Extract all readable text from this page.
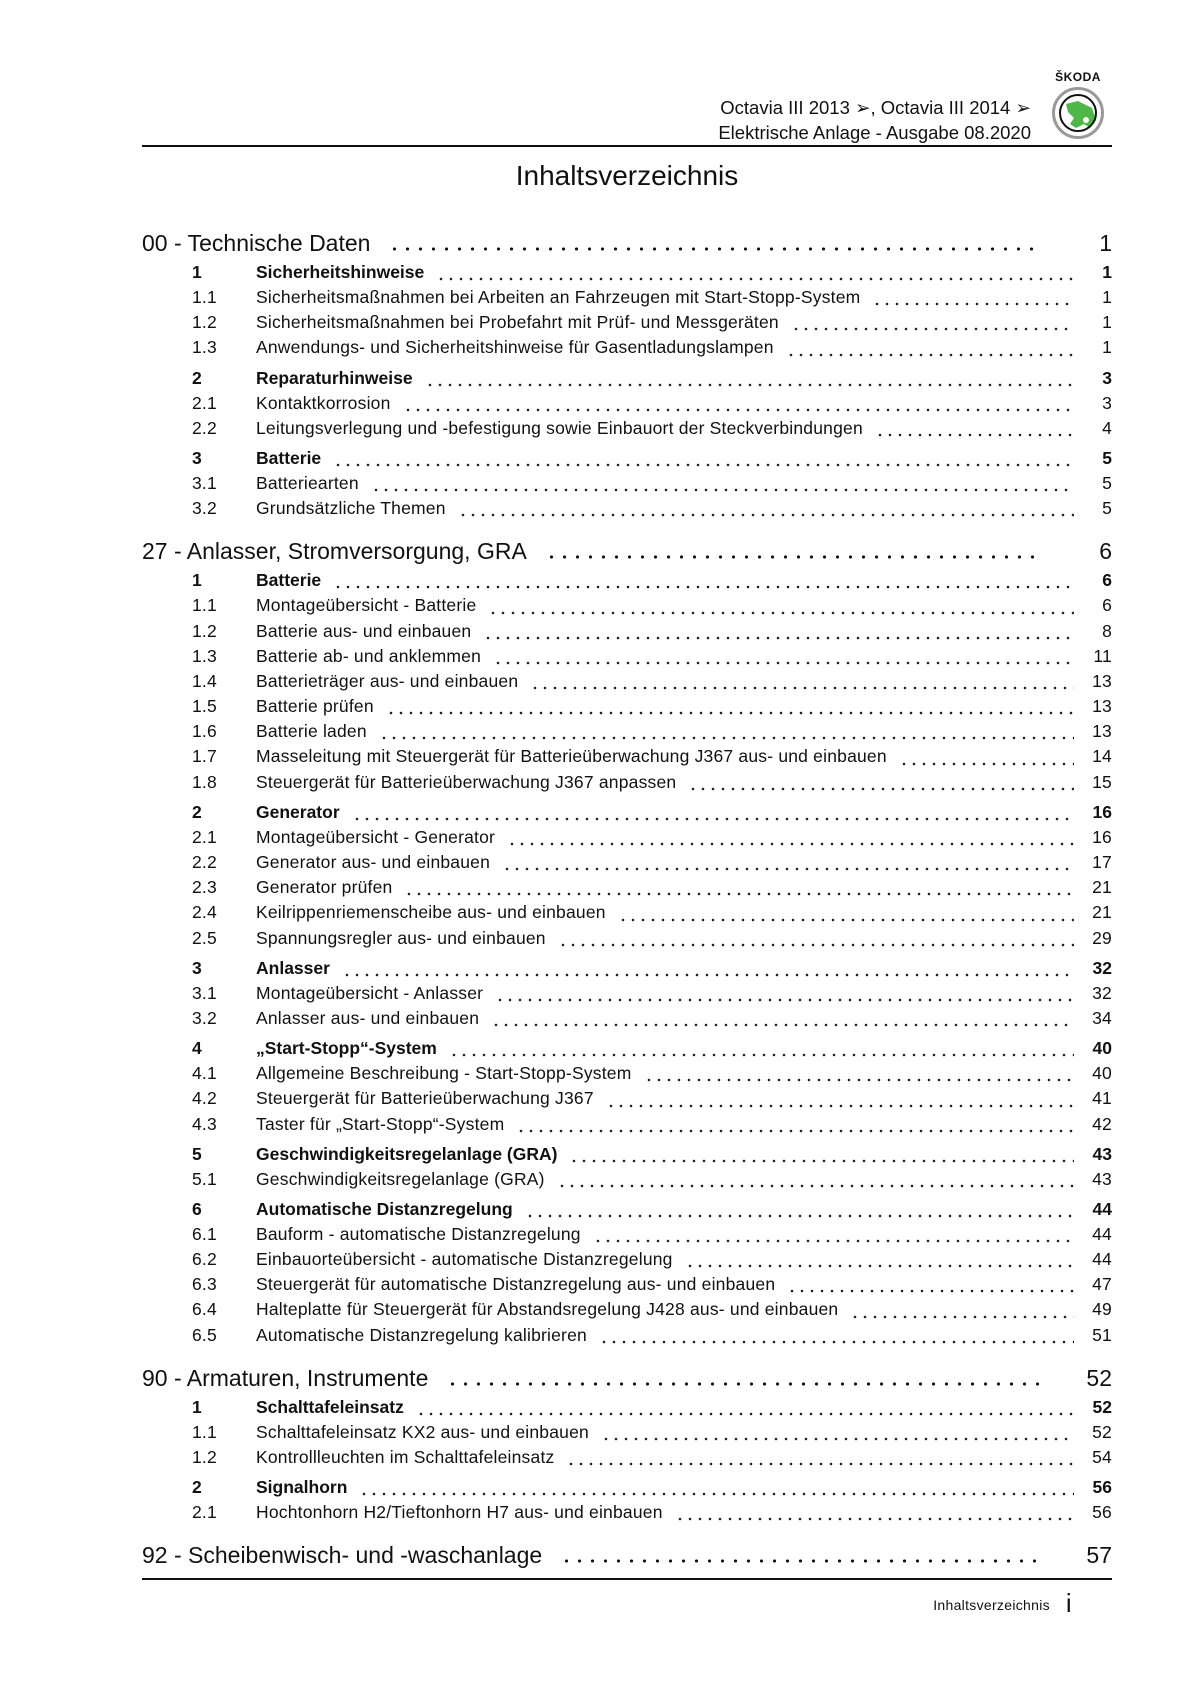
ŠKODA
Octavia III 2013 ➢, Octavia III 2014 ➢
Elektrische Anlage - Ausgabe 08.2020
Inhaltsverzeichnis
00 - Technische Daten	1
1	Sicherheitshinweise	1
1.1	Sicherheitsmaßnahmen bei Arbeiten an Fahrzeugen mit Start-Stopp-System	1
1.2	Sicherheitsmaßnahmen bei Probefahrt mit Prüf- und Messgeräten	1
1.3	Anwendungs- und Sicherheitshinweise für Gasentladungslampen	1
2	Reparaturhinweise	3
2.1	Kontaktkorrosion	3
2.2	Leitungsverlegung und -befestigung sowie Einbauort der Steckverbindungen	4
3	Batterie	5
3.1	Batteriearten	5
3.2	Grundsätzliche Themen	5
27 - Anlasser, Stromversorgung, GRA	6
1	Batterie	6
1.1	Montageübersicht - Batterie	6
1.2	Batterie aus- und einbauen	8
1.3	Batterie ab- und anklemmen	11
1.4	Batterieträger aus- und einbauen	13
1.5	Batterie prüfen	13
1.6	Batterie laden	13
1.7	Masseleitung mit Steuergerät für Batterieüberwachung J367 aus- und einbauen	14
1.8	Steuergerät für Batterieüberwachung J367 anpassen	15
2	Generator	16
2.1	Montageübersicht - Generator	16
2.2	Generator aus- und einbauen	17
2.3	Generator prüfen	21
2.4	Keilrippenriemenscheibe aus- und einbauen	21
2.5	Spannungsregler aus- und einbauen	29
3	Anlasser	32
3.1	Montageübersicht - Anlasser	32
3.2	Anlasser aus- und einbauen	34
4	„Start-Stopp“-System	40
4.1	Allgemeine Beschreibung - Start-Stopp-System	40
4.2	Steuergerät für Batterieüberwachung J367	41
4.3	Taster für „Start-Stopp“-System	42
5	Geschwindigkeitsregelanlage (GRA)	43
5.1	Geschwindigkeitsregelanlage (GRA)	43
6	Automatische Distanzregelung	44
6.1	Bauform - automatische Distanzregelung	44
6.2	Einbauorteübersicht - automatische Distanzregelung	44
6.3	Steuergerät für automatische Distanzregelung aus- und einbauen	47
6.4	Halteplatte für Steuergerät für Abstandsregelung J428 aus- und einbauen	49
6.5	Automatische Distanzregelung kalibrieren	51
90 - Armaturen, Instrumente	52
1	Schalttafeleinsatz	52
1.1	Schalttafeleinsatz KX2 aus- und einbauen	52
1.2	Kontrollleuchten im Schalttafeleinsatz	54
2	Signalhorn	56
2.1	Hochtonhorn H2/Tieftonhorn H7 aus- und einbauen	56
92 - Scheibenwisch- und -waschanlage	57
Inhaltsverzeichnis i
